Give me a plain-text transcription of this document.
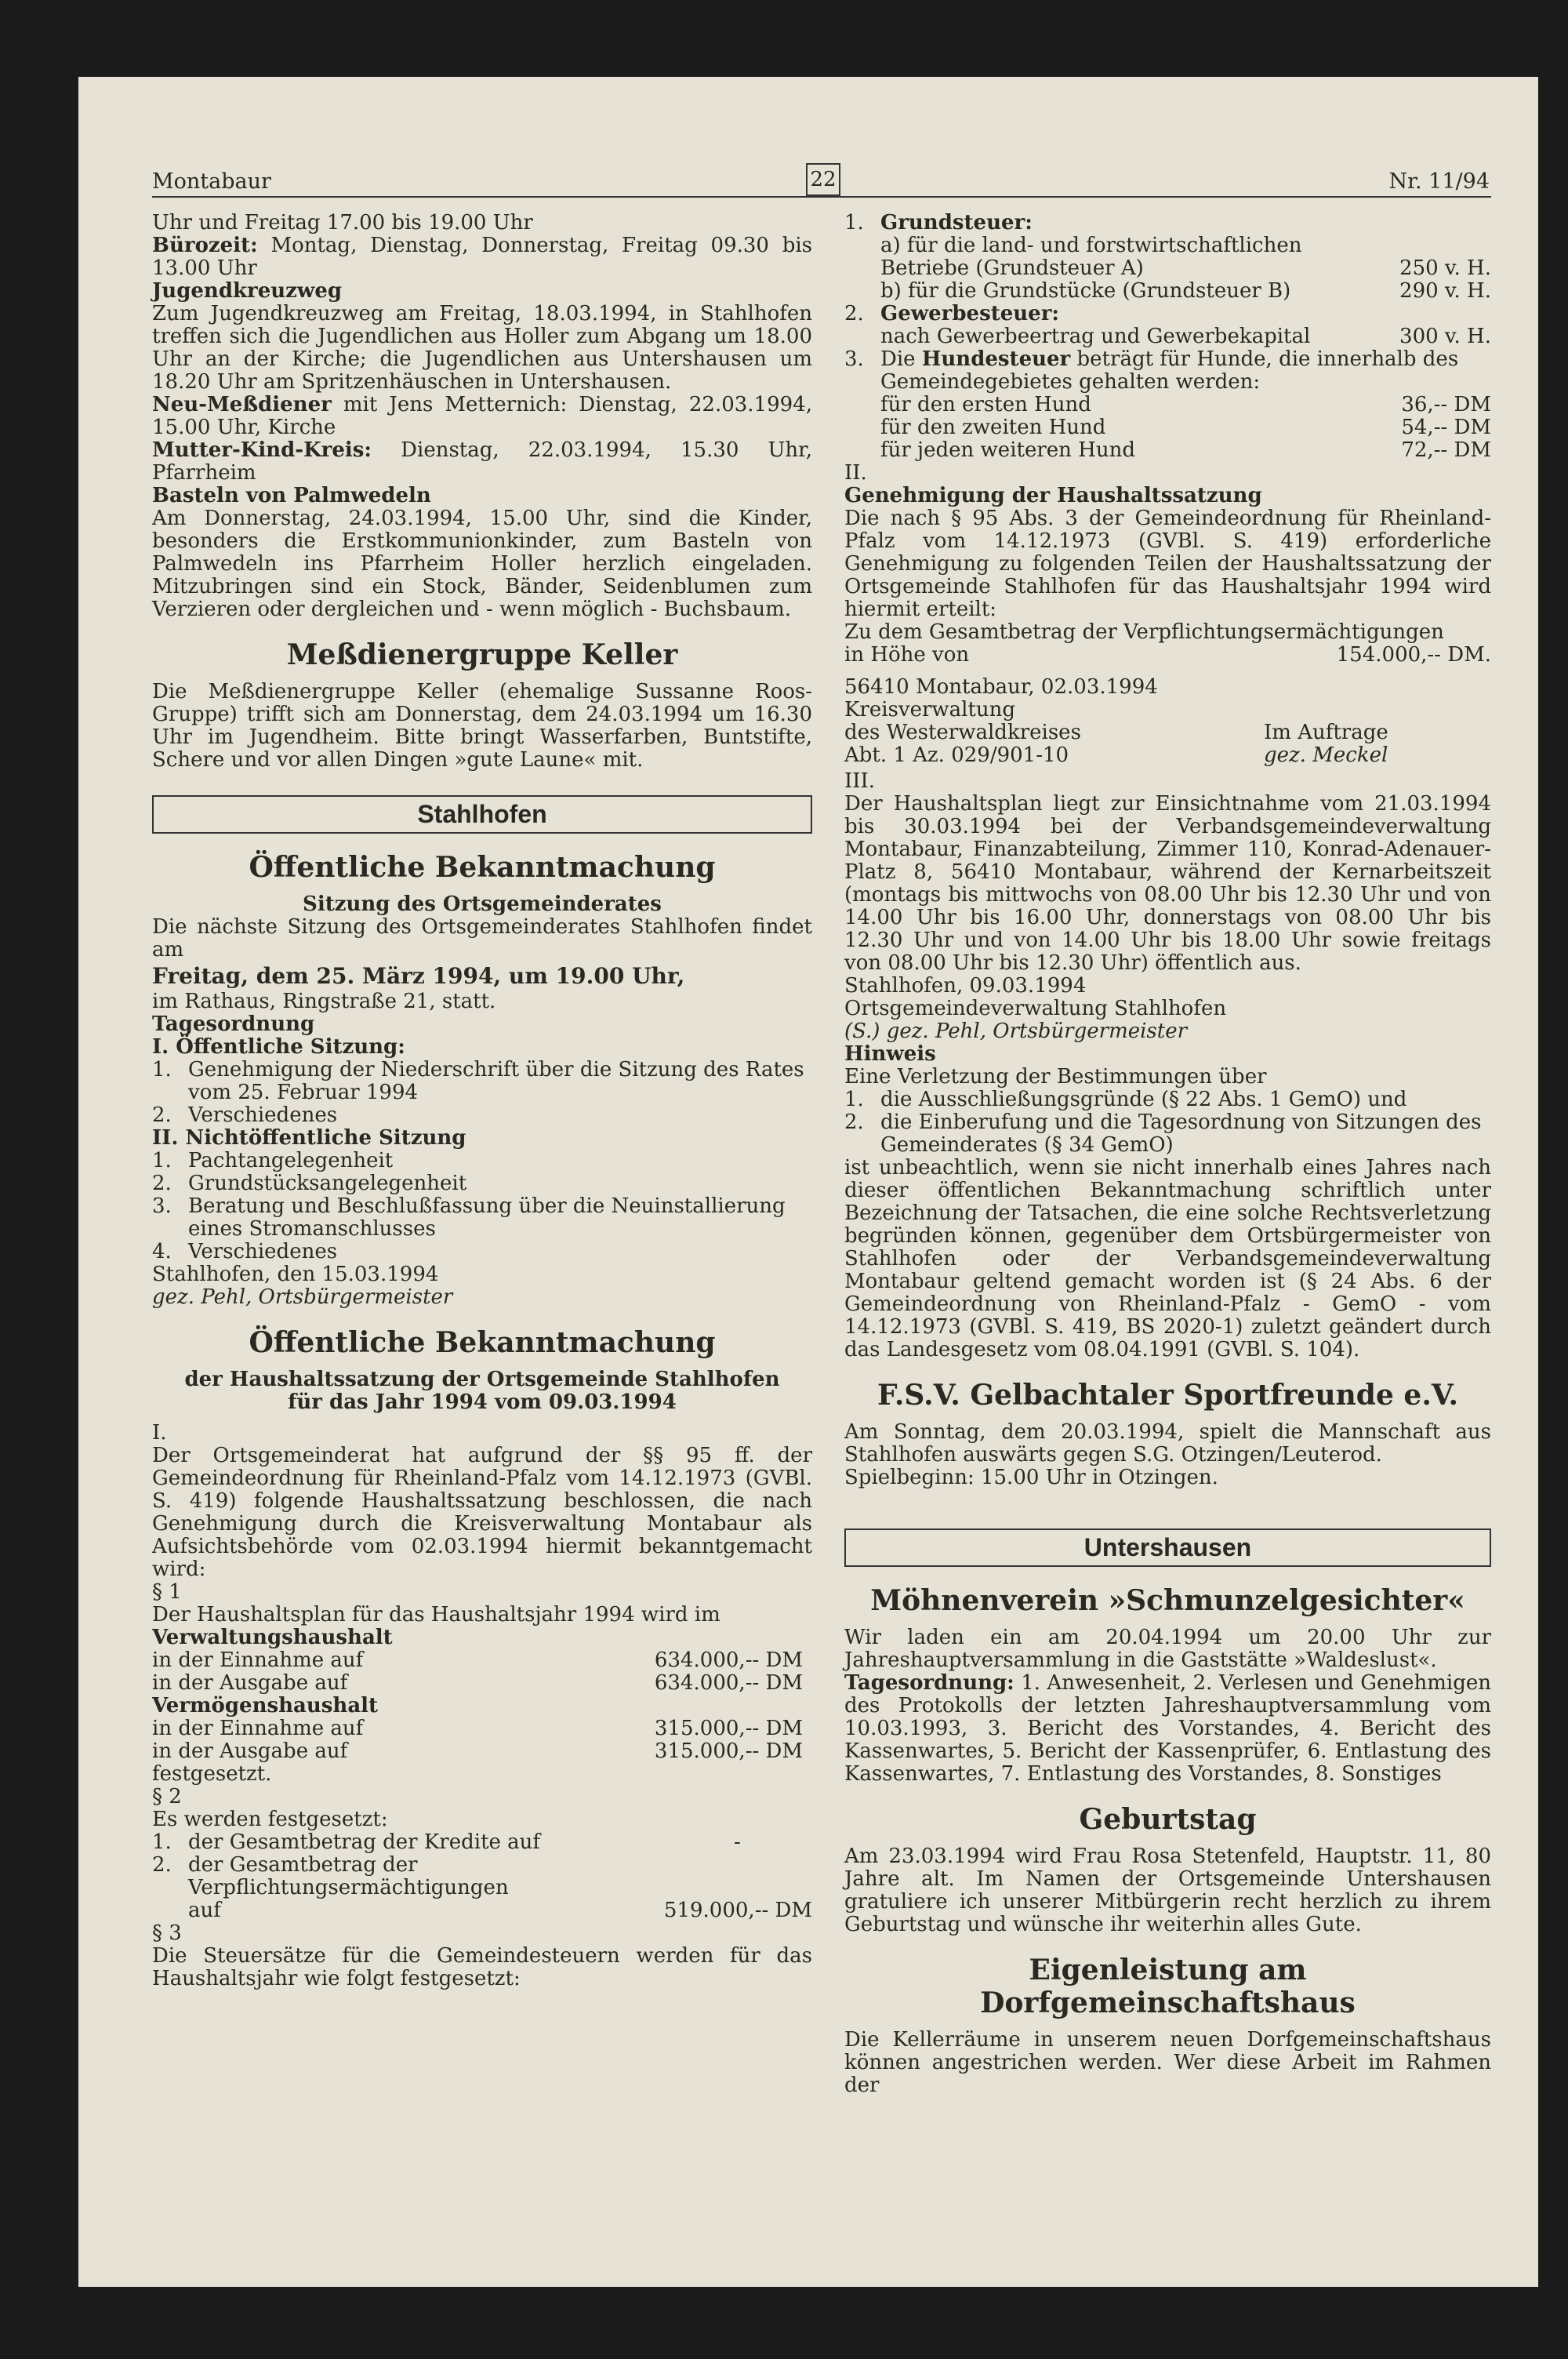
Montabaur	22	Nr. 11/94

Uhr und Freitag 17.00 bis 19.00 Uhr

Bürozeit: Montag, Dienstag, Donnerstag, Freitag 09.30 bis 13.00 Uhr

Jugendkreuzweg

Zum Jugendkreuzweg am Freitag, 18.03.1994, in Stahlhofen treffen sich die Jugendlichen aus Holler zum Abgang um 18.00 Uhr an der Kirche; die Jugendlichen aus Untershausen um 18.20 Uhr am Spritzenhäuschen in Untershausen.

Neu-Meßdiener mit Jens Metternich: Dienstag, 22.03.1994, 15.00 Uhr, Kirche

Mutter-Kind-Kreis: Dienstag, 22.03.1994, 15.30 Uhr, Pfarrheim

Basteln von Palmwedeln

Am Donnerstag, 24.03.1994, 15.00 Uhr, sind die Kinder, besonders die Erstkommunionkinder, zum Basteln von Palmwedeln ins Pfarrheim Holler herzlich eingeladen. Mitzubringen sind ein Stock, Bänder, Seidenblumen zum Verzieren oder dergleichen und - wenn möglich - Buchsbaum.

Meßdienergruppe Keller

Die Meßdienergruppe Keller (ehemalige Sussanne Roos-Gruppe) trifft sich am Donnerstag, dem 24.03.1994 um 16.30 Uhr im Jugendheim. Bitte bringt Wasserfarben, Buntstifte, Schere und vor allen Dingen »gute Laune« mit.

Stahlhofen
Öffentliche Bekanntmachung
Sitzung des Ortsgemeinderates

Die nächste Sitzung des Ortsgemeinderates Stahlhofen findet am

Freitag, dem 25. März 1994, um 19.00 Uhr,

im Rathaus, Ringstraße 21, statt.

Tagesordnung

I. Öffentliche Sitzung:

1. Genehmigung der Niederschrift über die Sitzung des Rates vom 25. Februar 1994
2. Verschiedenes

II. Nichtöffentliche Sitzung

1. Pachtangelegenheit
2. Grundstücksangelegenheit
3. Beratung und Beschlußfassung über die Neuinstallierung eines Stromanschlusses
4. Verschiedenes

Stahlhofen, den 15.03.1994

gez. Pehl, Ortsbürgermeister

Öffentliche Bekanntmachung
der Haushaltssatzung der Ortsgemeinde Stahlhofen
für das Jahr 1994 vom 09.03.1994

I.

Der Ortsgemeinderat hat aufgrund der §§ 95 ff. der Gemeindeordnung für Rheinland-Pfalz vom 14.12.1973 (GVBl. S. 419) folgende Haushaltssatzung beschlossen, die nach Genehmigung durch die Kreisverwaltung Montabaur als Aufsichtsbehörde vom 02.03.1994 hiermit bekanntgemacht wird:

§ 1

Der Haushaltsplan für das Haushaltsjahr 1994 wird im

Verwaltungshaushalt

in der Einnahme auf	634.000,-- DM
in der Ausgabe auf	634.000,-- DM

Vermögenshaushalt

in der Einnahme auf	315.000,-- DM
in der Ausgabe auf	315.000,-- DM

festgesetzt.

§ 2

Es werden festgesetzt:

1. der Gesamtbetrag der Kredite auf	-
2. der Gesamtbetrag der Verpflichtungsermächtigungen auf	519.000,-- DM

§ 3

Die Steuersätze für die Gemeindesteuern werden für das Haushaltsjahr wie folgt festgesetzt:

1. Grundsteuer:
a) für die land- und forstwirtschaftlichen Betriebe (Grundsteuer A)	250 v. H.
b) für die Grundstücke (Grundsteuer B)	290 v. H.
2. Gewerbesteuer:
nach Gewerbeertrag und Gewerbekapital	300 v. H.
3. Die Hundesteuer beträgt für Hunde, die innerhalb des Gemeindegebietes gehalten werden:
für den ersten Hund	36,-- DM
für den zweiten Hund	54,-- DM
für jeden weiteren Hund	72,-- DM

II.

Genehmigung der Haushaltssatzung

Die nach § 95 Abs. 3 der Gemeindeordnung für Rheinland-Pfalz vom 14.12.1973 (GVBl. S. 419) erforderliche Genehmigung zu folgenden Teilen der Haushaltssatzung der Ortsgemeinde Stahlhofen für das Haushaltsjahr 1994 wird hiermit erteilt:

Zu dem Gesamtbetrag der Verpflichtungsermächtigungen

in Höhe von	154.000,-- DM.

56410 Montabaur, 02.03.1994

Kreisverwaltung

des Westerwaldkreises	Im Auftrage
Abt. 1 Az. 029/901-10	gez. Meckel

III.

Der Haushaltsplan liegt zur Einsichtnahme vom 21.03.1994 bis 30.03.1994 bei der Verbandsgemeindeverwaltung Montabaur, Finanzabteilung, Zimmer 110, Konrad-Adenauer-Platz 8, 56410 Montabaur, während der Kernarbeitszeit (montags bis mittwochs von 08.00 Uhr bis 12.30 Uhr und von 14.00 Uhr bis 16.00 Uhr, donnerstags von 08.00 Uhr bis 12.30 Uhr und von 14.00 Uhr bis 18.00 Uhr sowie freitags von 08.00 Uhr bis 12.30 Uhr) öffentlich aus.

Stahlhofen, 09.03.1994

Ortsgemeindeverwaltung Stahlhofen

(S.) gez. Pehl, Ortsbürgermeister

Hinweis

Eine Verletzung der Bestimmungen über

1. die Ausschließungsgründe (§ 22 Abs. 1 GemO) und
2. die Einberufung und die Tagesordnung von Sitzungen des Gemeinderates (§ 34 GemO)

ist unbeachtlich, wenn sie nicht innerhalb eines Jahres nach dieser öffentlichen Bekanntmachung schriftlich unter Bezeichnung der Tatsachen, die eine solche Rechtsverletzung begründen können, gegenüber dem Ortsbürgermeister von Stahlhofen oder der Verbandsgemeindeverwaltung Montabaur geltend gemacht worden ist (§ 24 Abs. 6 der Gemeindeordnung von Rheinland-Pfalz - GemO - vom 14.12.1973 (GVBl. S. 419, BS 2020-1) zuletzt geändert durch das Landesgesetz vom 08.04.1991 (GVBl. S. 104).

F.S.V. Gelbachtaler Sportfreunde e.V.

Am Sonntag, dem 20.03.1994, spielt die Mannschaft aus Stahlhofen auswärts gegen S.G. Otzingen/Leuterod.

Spielbeginn: 15.00 Uhr in Otzingen.

Untershausen
Möhnenverein »Schmunzelgesichter«

Wir laden ein am 20.04.1994 um 20.00 Uhr zur Jahreshauptversammlung in die Gaststätte »Waldeslust«.

Tagesordnung: 1. Anwesenheit, 2. Verlesen und Genehmigen des Protokolls der letzten Jahreshauptversammlung vom 10.03.1993, 3. Bericht des Vorstandes, 4. Bericht des Kassenwartes, 5. Bericht der Kassenprüfer, 6. Entlastung des Kassenwartes, 7. Entlastung des Vorstandes, 8. Sonstiges

Geburtstag

Am 23.03.1994 wird Frau Rosa Stetenfeld, Hauptstr. 11, 80 Jahre alt. Im Namen der Ortsgemeinde Untershausen gratuliere ich unserer Mitbürgerin recht herzlich zu ihrem Geburtstag und wünsche ihr weiterhin alles Gute.

Eigenleistung am Dorfgemeinschaftshaus

Die Kellerräume in unserem neuen Dorfgemeinschaftshaus können angestrichen werden. Wer diese Arbeit im Rahmen der
